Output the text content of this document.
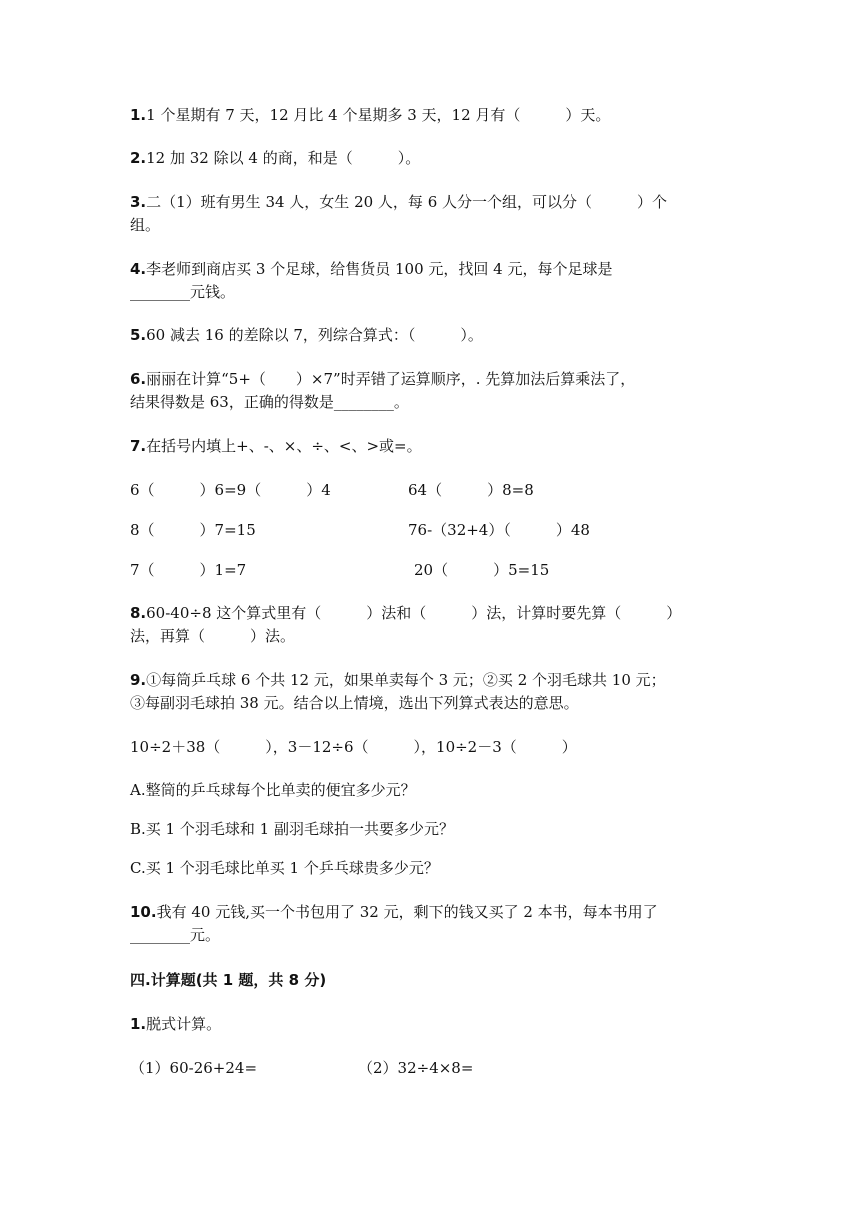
1.1 个星期有 7 天，12 月比 4 个星期多 3 天，12 月有（　　　）天。
2.12 加 32 除以 4 的商，和是（　　　）。
3.二（1）班有男生 34 人，女生 20 人，每 6 人分一个组，可以分（　　　）个
组。
4.李老师到商店买 3 个足球，给售货员 100 元，找回 4 元，每个足球是
________元钱。
5.60 减去 16 的差除以 7，列综合算式：（　　　）。
6.丽丽在计算“5+（　　）×7”时弄错了运算顺序，. 先算加法后算乘法了，
结果得数是 63，正确的得数是________。
7.在括号内填上+、-、×、÷、<、>或=。
6（　　　）6=9（　　　）4	64（　　　）8=8
8（　　　）7=15	76-（32+4）（　　　）48
7（　　　）1=7	20（　　　）5=15
8.60-40÷8 这个算式里有（　　　）法和（　　　）法，计算时要先算（　　　）
法，再算（　　　）法。
9.①每筒乒乓球 6 个共 12 元，如果单卖每个 3 元；②买 2 个羽毛球共 10 元；
③每副羽毛球拍 38 元。结合以上情境，选出下列算式表达的意思。
10÷2＋38（　　　），3－12÷6（　　　），10÷2－3（　　　）
A.整筒的乒乓球每个比单卖的便宜多少元？
B.买 1 个羽毛球和 1 副羽毛球拍一共要多少元？
C.买 1 个羽毛球比单买 1 个乒乓球贵多少元？
10.我有 40 元钱,买一个书包用了 32 元，剩下的钱又买了 2 本书，每本书用了
________元。
四.计算题(共 1 题，共 8 分)
1.脱式计算。
（1）60-26+24=	（2）32÷4×8=
